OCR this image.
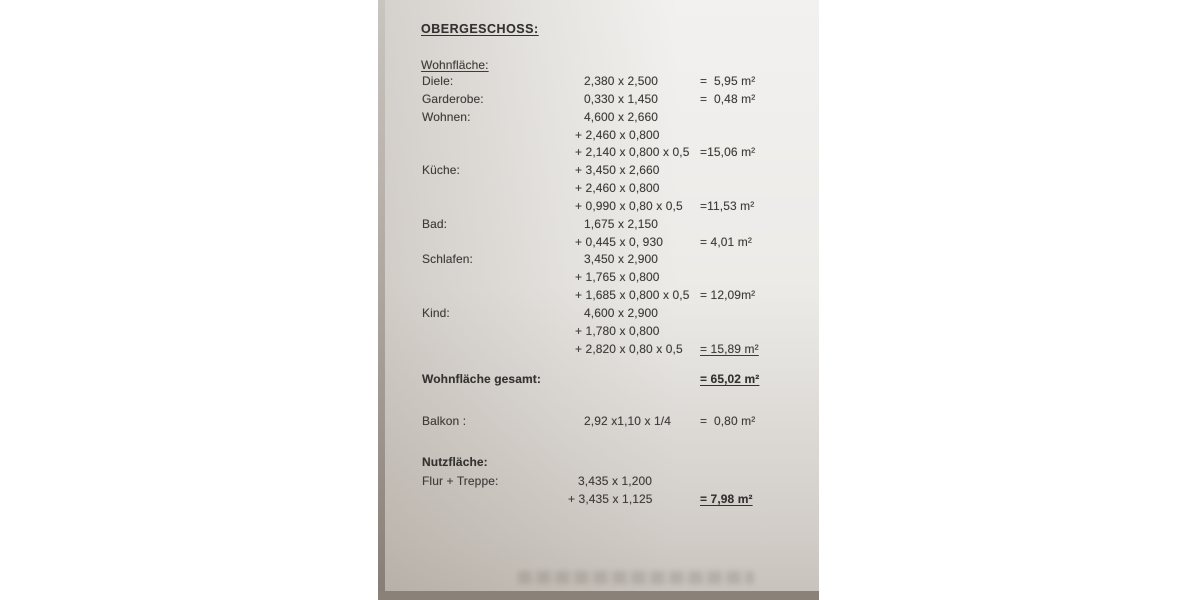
OBERGESCHOSS:
Wohnfläche:
Diele:	2,380 x 2,500	=  5,95 m²
Garderobe:	0,330 x 1,450	=  0,48 m²
Wohnen:	4,600 x 2,660
+ 2,460 x 0,800
+ 2,140 x 0,800 x 0,5 =15,06 m²
Küche:	+ 3,450 x 2,660
+ 2,460 x 0,800
+ 0,990 x 0,80 x 0,5 =11,53 m²
Bad:	1,675 x 2,150
+ 0,445 x 0, 930	= 4,01 m²
Schlafen:	3,450 x 2,900
+ 1,765 x 0,800
+ 1,685 x 0,800 x 0,5 = 12,09m²
Kind:	4,600 x 2,900
+ 1,780 x 0,800
+ 2,820 x 0,80 x 0,5 = 15,89 m²
Wohnfläche gesamt:	= 65,02 m²
Balkon :	2,92 x1,10 x 1/4 =  0,80 m²
Nutzfläche:
Flur + Treppe:	3,435 x 1,200
+ 3,435 x 1,125	= 7,98 m²
